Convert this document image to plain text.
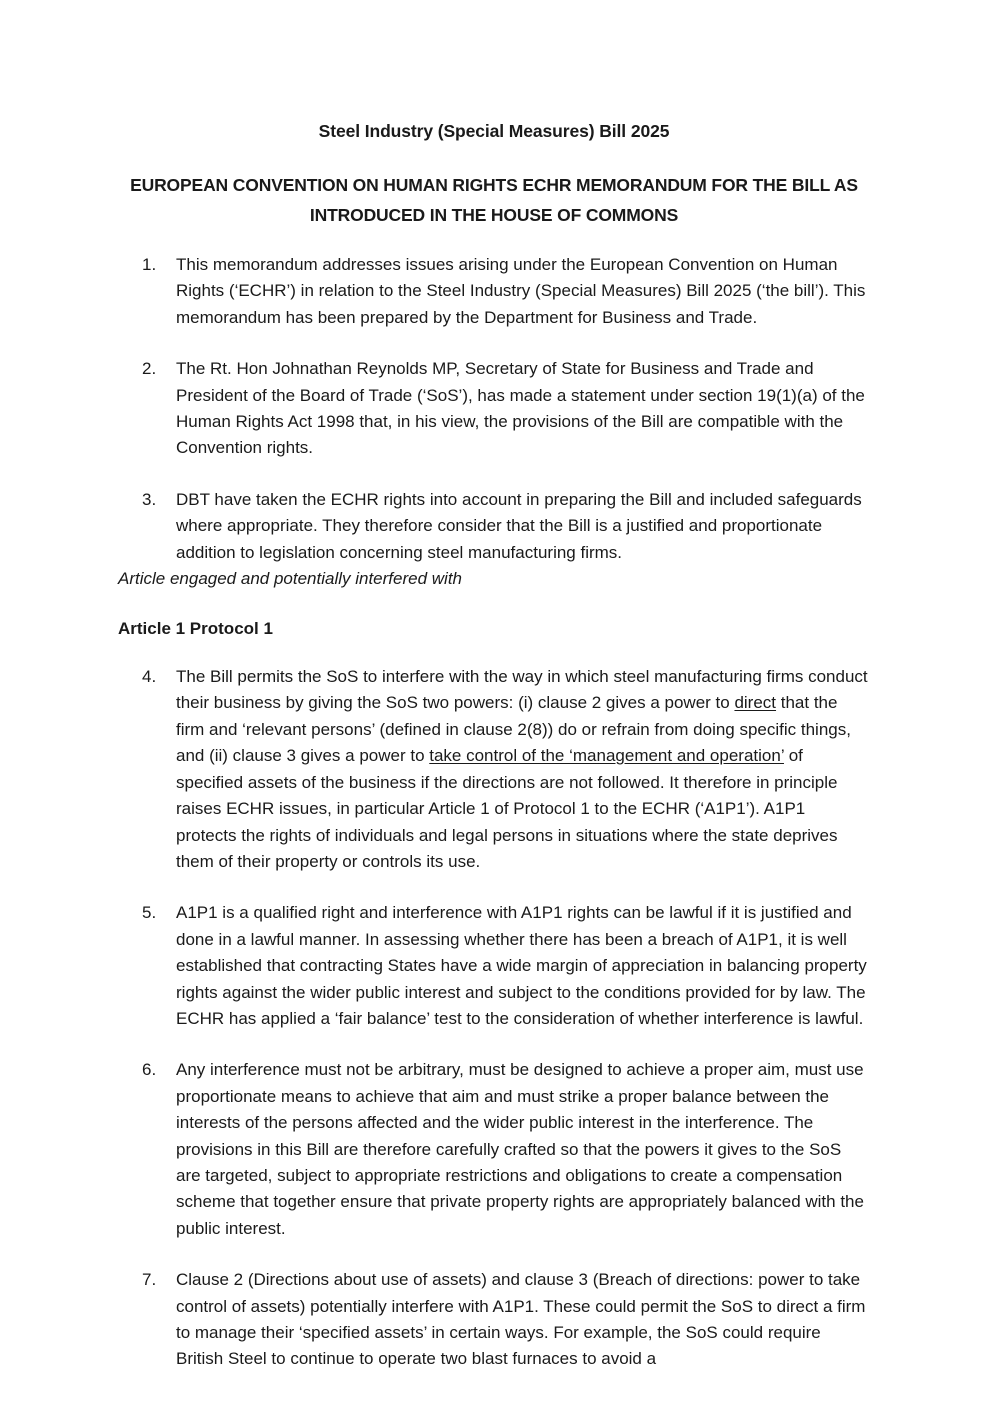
Steel Industry (Special Measures) Bill 2025
EUROPEAN CONVENTION ON HUMAN RIGHTS ECHR MEMORANDUM FOR THE BILL AS INTRODUCED IN THE HOUSE OF COMMONS
1.	This memorandum addresses issues arising under the European Convention on Human Rights (‘ECHR’) in relation to the Steel Industry (Special Measures) Bill 2025 (‘the bill’). This memorandum has been prepared by the Department for Business and Trade.
2.	The Rt. Hon Johnathan Reynolds MP, Secretary of State for Business and Trade and President of the Board of Trade (‘SoS’), has made a statement under section 19(1)(a) of the Human Rights Act 1998 that, in his view, the provisions of the Bill are compatible with the Convention rights.
3.	DBT have taken the ECHR rights into account in preparing the Bill and included safeguards where appropriate. They therefore consider that the Bill is a justified and proportionate addition to legislation concerning steel manufacturing firms.

Article engaged and potentially interfered with

Article 1 Protocol 1

4.	The Bill permits the SoS to interfere with the way in which steel manufacturing firms conduct their business by giving the SoS two powers: (i) clause 2 gives a power to direct that the firm and ‘relevant persons’ (defined in clause 2(8)) do or refrain from doing specific things, and (ii) clause 3 gives a power to take control of the ‘management and operation’ of specified assets of the business if the directions are not followed. It therefore in principle raises ECHR issues, in particular Article 1 of Protocol 1 to the ECHR (‘A1P1’). A1P1 protects the rights of individuals and legal persons in situations where the state deprives them of their property or controls its use.
5.	A1P1 is a qualified right and interference with A1P1 rights can be lawful if it is justified and done in a lawful manner. In assessing whether there has been a breach of A1P1, it is well established that contracting States have a wide margin of appreciation in balancing property rights against the wider public interest and subject to the conditions provided for by law. The ECHR has applied a ‘fair balance’ test to the consideration of whether interference is lawful.
6.	Any interference must not be arbitrary, must be designed to achieve a proper aim, must use proportionate means to achieve that aim and must strike a proper balance between the interests of the persons affected and the wider public interest in the interference. The provisions in this Bill are therefore carefully crafted so that the powers it gives to the SoS are targeted, subject to appropriate restrictions and obligations to create a compensation scheme that together ensure that private property rights are appropriately balanced with the public interest.
7.	Clause 2 (Directions about use of assets) and clause 3 (Breach of directions: power to take control of assets) potentially interfere with A1P1. These could permit the SoS to direct a firm to manage their ‘specified assets’ in certain ways. For example, the SoS could require British Steel to continue to operate two blast furnaces to avoid a
